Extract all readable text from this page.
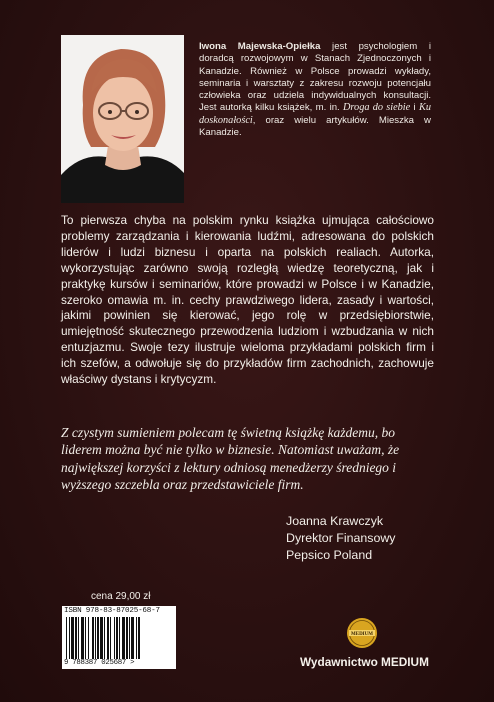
Iwona Majewska-Opiełka jest psychologiem i doradcą rozwojowym w Stanach Zjednoczonych i Kanadzie. Również w Polsce prowadzi wykłady, seminaria i warsztaty z zakresu rozwoju potencjału człowieka oraz udziela indywidualnych konsultacji. Jest autorką kilku książek, m. in. Droga do siebie i Ku doskonałości, oraz wielu artykułów. Mieszka w Kanadzie.
To pierwsza chyba na polskim rynku książka ujmująca całościowo problemy zarządzania i kierowania ludźmi, adresowana do polskich liderów i ludzi biznesu i oparta na polskich realiach. Autorka, wykorzystując zarówno swoją rozległą wiedzę teoretyczną, jak i praktykę kursów i seminariów, które prowadzi w Polsce i w Kanadzie, szeroko omawia m. in. cechy prawdziwego lidera, zasady i wartości, jakimi powinien się kierować, jego rolę w przedsiębiorstwie, umiejętność skutecznego przewodzenia ludziom i wzbudzania w nich entuzjazmu. Swoje tezy ilustruje wieloma przykładami polskich firm i ich szefów, a odwołuje się do przykładów firm zachodnich, zachowuje właściwy dystans i krytycyzm.
Z czystym sumieniem polecam tę świetną książkę każdemu, bo liderem można być nie tylko w biznesie. Natomiast uważam, że największej korzyści z lektury odniosą menedżerzy średniego i wyższego szczebla oraz przedstawiciele firm.
Joanna Krawczyk
Dyrektor Finansowy
Pepsico Poland
cena 29,00 zł
ISBN 978-83-87025-68-7
9 788387 025687 >
MEDIUM
Wydawnictwo MEDIUM
